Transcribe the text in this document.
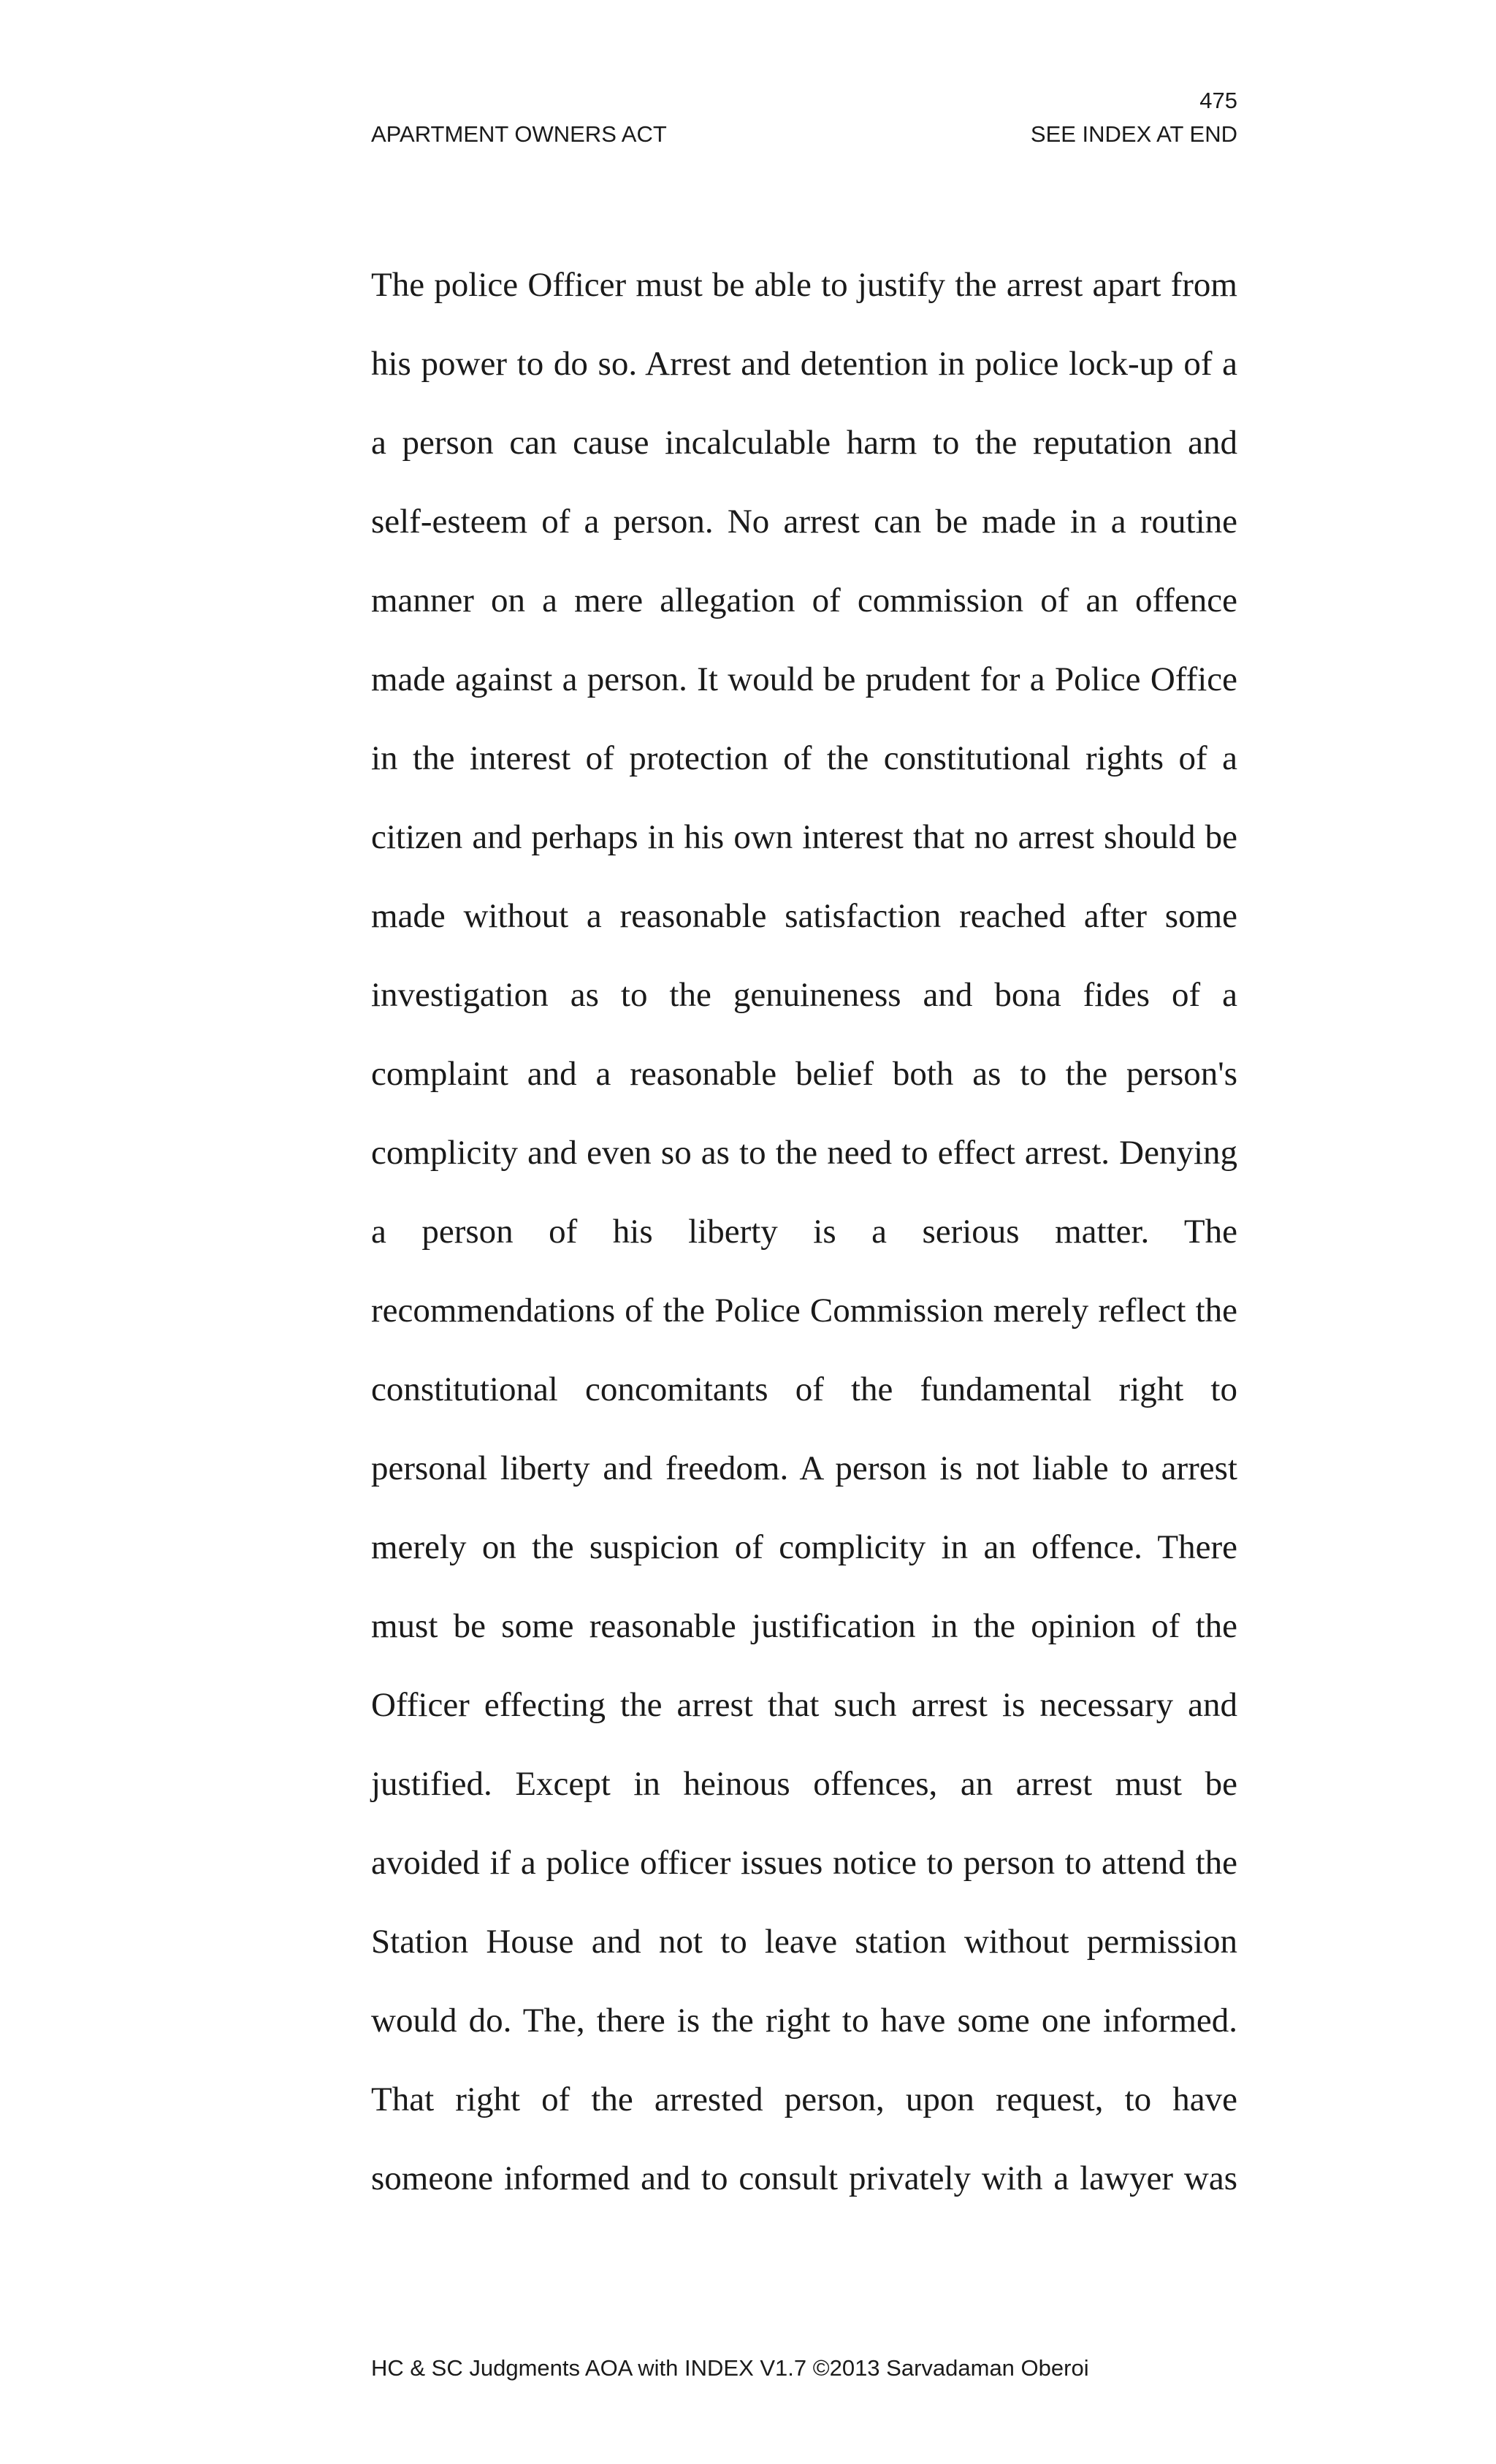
475
APARTMENT OWNERS ACT	SEE INDEX AT END
The police Officer must be able to justify the arrest apart from
his power to do so. Arrest and detention in police lock-up of a
a person can cause incalculable harm to the reputation and
self-esteem of a person. No arrest can be made in a routine
manner on a mere allegation of commission of an offence
made against a person. It would be prudent for a Police Office
in the interest of protection of the constitutional rights of a
citizen and perhaps in his own interest that no arrest should be
made without a reasonable satisfaction reached after some
investigation as to the genuineness and bona fides of a
complaint and a reasonable belief both as to the person's
complicity and even so as to the need to effect arrest. Denying
a person of his liberty is a serious matter. The
recommendations of the Police Commission merely reflect the
constitutional concomitants of the fundamental right to
personal liberty and freedom. A person is not liable to arrest
merely on the suspicion of complicity in an offence. There
must be some reasonable justification in the opinion of the
Officer effecting the arrest that such arrest is necessary and
justified. Except in heinous offences, an arrest must be
avoided if a police officer issues notice to person to attend the
Station House and not to leave station without permission
would do. The, there is the right to have some one informed.
That right of the arrested person, upon request, to have
someone informed and to consult privately with a lawyer was
HC & SC Judgments AOA with INDEX V1.7 ©2013 Sarvadaman Oberoi
